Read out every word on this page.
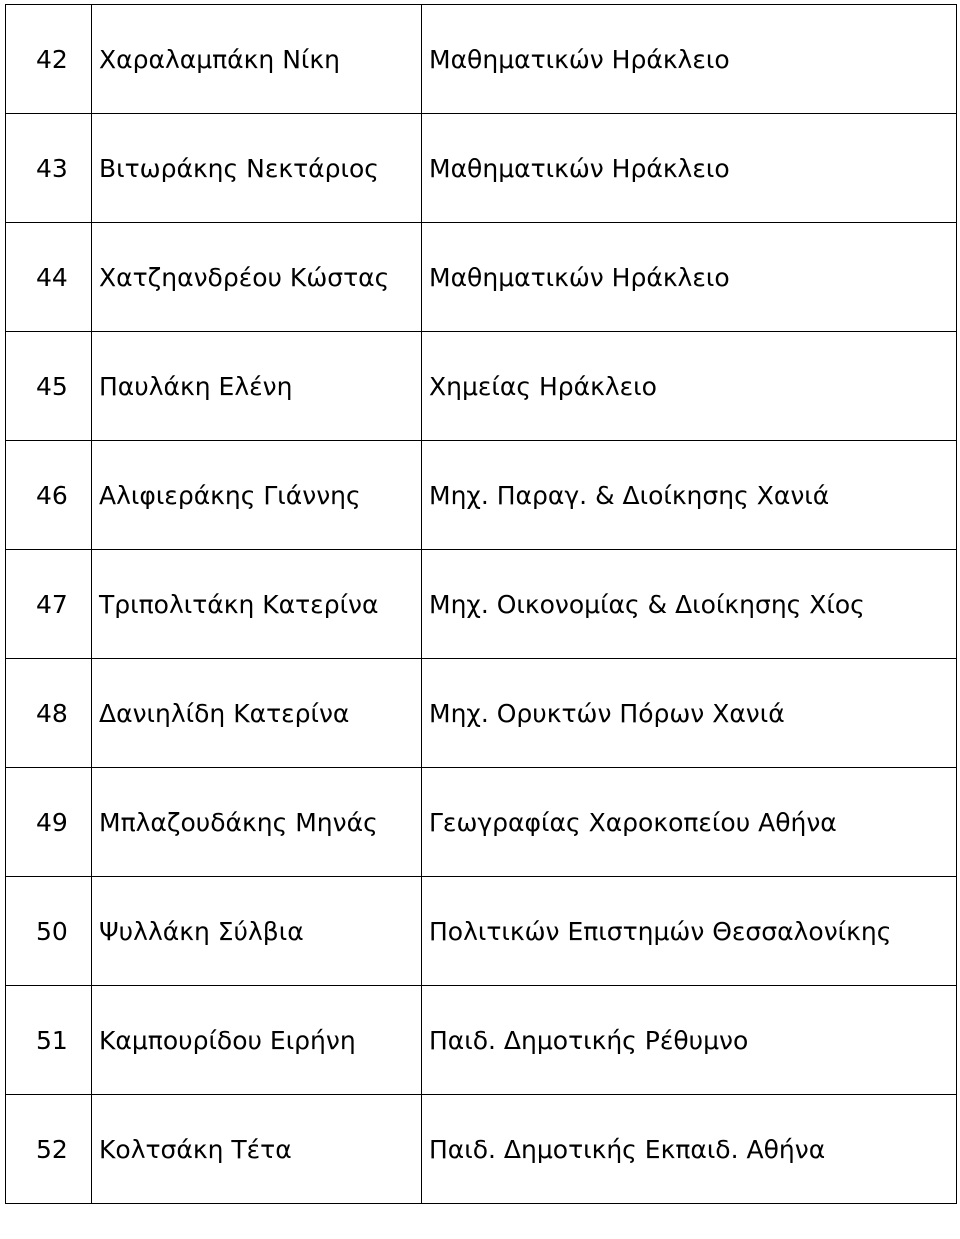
42	Χαραλαμπάκη Νίκη	Μαθηματικών Ηράκλειο
43	Βιτωράκης Νεκτάριος	Μαθηματικών Ηράκλειο
44	Χατζηανδρέου Κώστας	Μαθηματικών Ηράκλειο
45	Παυλάκη Ελένη	Χημείας Ηράκλειο
46	Αλιφιεράκης Γιάννης	Μηχ. Παραγ. & Διοίκησης Χανιά
47	Τριπολιτάκη Κατερίνα	Μηχ. Οικονομίας & Διοίκησης Χίος
48	Δανιηλίδη Κατερίνα	Μηχ. Ορυκτών Πόρων Χανιά
49	Μπλαζουδάκης Μηνάς	Γεωγραφίας Χαροκοπείου Αθήνα
50	Ψυλλάκη Σύλβια	Πολιτικών Επιστημών Θεσσαλονίκης
51	Καμπουρίδου Ειρήνη	Παιδ. Δημοτικής Ρέθυμνο
52	Κολτσάκη Τέτα	Παιδ. Δημοτικής Εκπαιδ. Αθήνα
